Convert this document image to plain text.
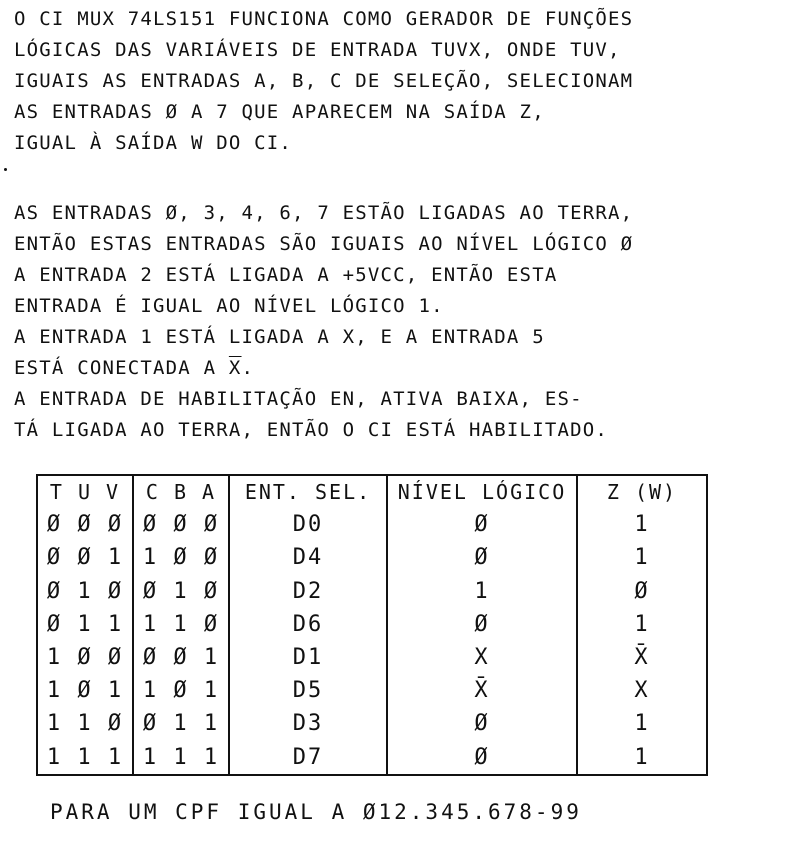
O CI MUX 74LS151 FUNCIONA COMO GERADOR DE FUNÇÕES
LÓGICAS DAS VARIÁVEIS DE ENTRADA TUVX, ONDE TUV,
IGUAIS AS ENTRADAS A, B, C DE SELEÇÃO, SELECIONAM
AS ENTRADAS Ø A 7 QUE APARECEM NA SAÍDA Z,
IGUAL À SAÍDA W DO CI.
AS ENTRADAS Ø, 3, 4, 6, 7 ESTÃO LIGADAS AO TERRA,
ENTÃO ESTAS ENTRADAS SÃO IGUAIS AO NÍVEL LÓGICO Ø
A ENTRADA 2 ESTÁ LIGADA A +5VCC, ENTÃO ESTA
ENTRADA É IGUAL AO NÍVEL LÓGICO 1.
A ENTRADA 1 ESTÁ LIGADA A X, E A ENTRADA 5
ESTÁ CONECTADA A $\overline{X}$.
A ENTRADA DE HABILITAÇÃO EN, ATIVA BAIXA, ES-
TÁ LIGADA AO TERRA, ENTÃO O CI ESTÁ HABILITADO.
T U V	C B A	ENT. SEL.	NÍVEL LÓGICO	Z (W)
Ø Ø Ø	Ø Ø Ø	D0	Ø	1
Ø Ø 1	1 Ø Ø	D4	Ø	1
Ø 1 Ø	Ø 1 Ø	D2	1	Ø
Ø 1 1	1 1 Ø	D6	Ø	1
1 Ø Ø	Ø Ø 1	D1	X	X̄
1 Ø 1	1 Ø 1	D5	X̄	X
1 1 Ø	Ø 1 1	D3	Ø	1
1 1 1	1 1 1	D7	Ø	1
PARA UM CPF IGUAL A Ø12.345.678-99
